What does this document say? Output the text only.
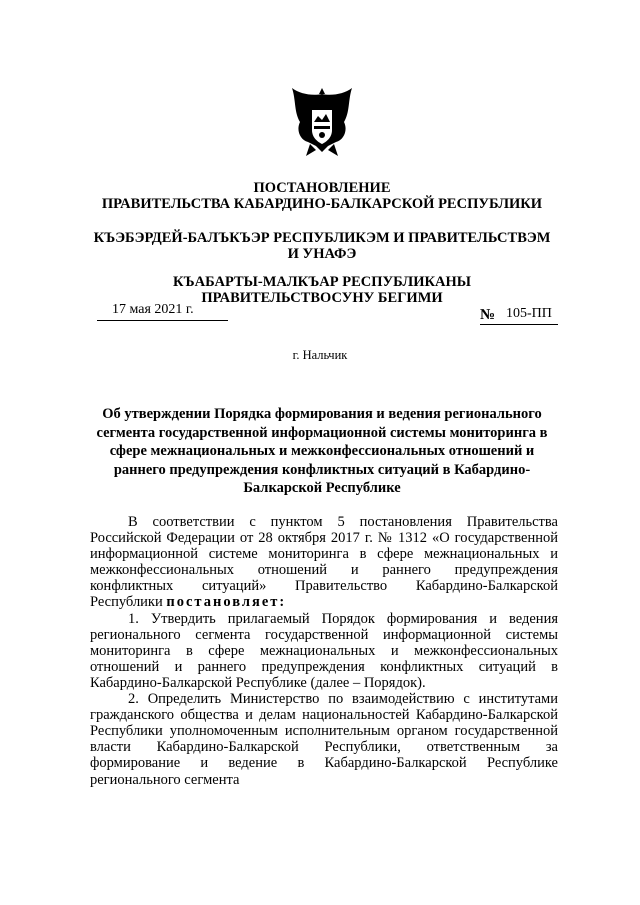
ПОСТАНОВЛЕНИЕ
ПРАВИТЕЛЬСТВА КАБАРДИНО-БАЛКАРСКОЙ РЕСПУБЛИКИ
КЪЭБЭРДЕЙ-БАЛЪКЪЭР РЕСПУБЛИКЭМ И ПРАВИТЕЛЬСТВЭМ И УНАФЭ
КЪАБАРТЫ-МАЛКЪАР РЕСПУБЛИКАНЫ ПРАВИТЕЛЬСТВОСУНУ БЕГИМИ
17 мая 2021 г.	№ 105-ПП
г. Нальчик
Об утверждении Порядка формирования и ведения регионального сегмента государственной информационной системы мониторинга в сфере межнациональных и межконфессиональных отношений и раннего предупреждения конфликтных ситуаций в Кабардино-Балкарской Республике

В соответствии с пунктом 5 постановления Правительства Российской Федерации от 28 октября 2017 г. № 1312 «О государственной информационной системе мониторинга в сфере межнациональных и межконфессиональных отношений и раннего предупреждения конфликтных ситуаций» Правительство Кабардино-Балкарской Республики постановляет:

1. Утвердить прилагаемый Порядок формирования и ведения регионального сегмента государственной информационной системы мониторинга в сфере межнациональных и межконфессиональных отношений и раннего предупреждения конфликтных ситуаций в Кабардино-Балкарской Республике (далее – Порядок).

2. Определить Министерство по взаимодействию с институтами гражданского общества и делам национальностей Кабардино-Балкарской Республики уполномоченным исполнительным органом государственной власти Кабардино-Балкарской Республики, ответственным за формирование и ведение в Кабардино-Балкарской Республике регионального сегмента
